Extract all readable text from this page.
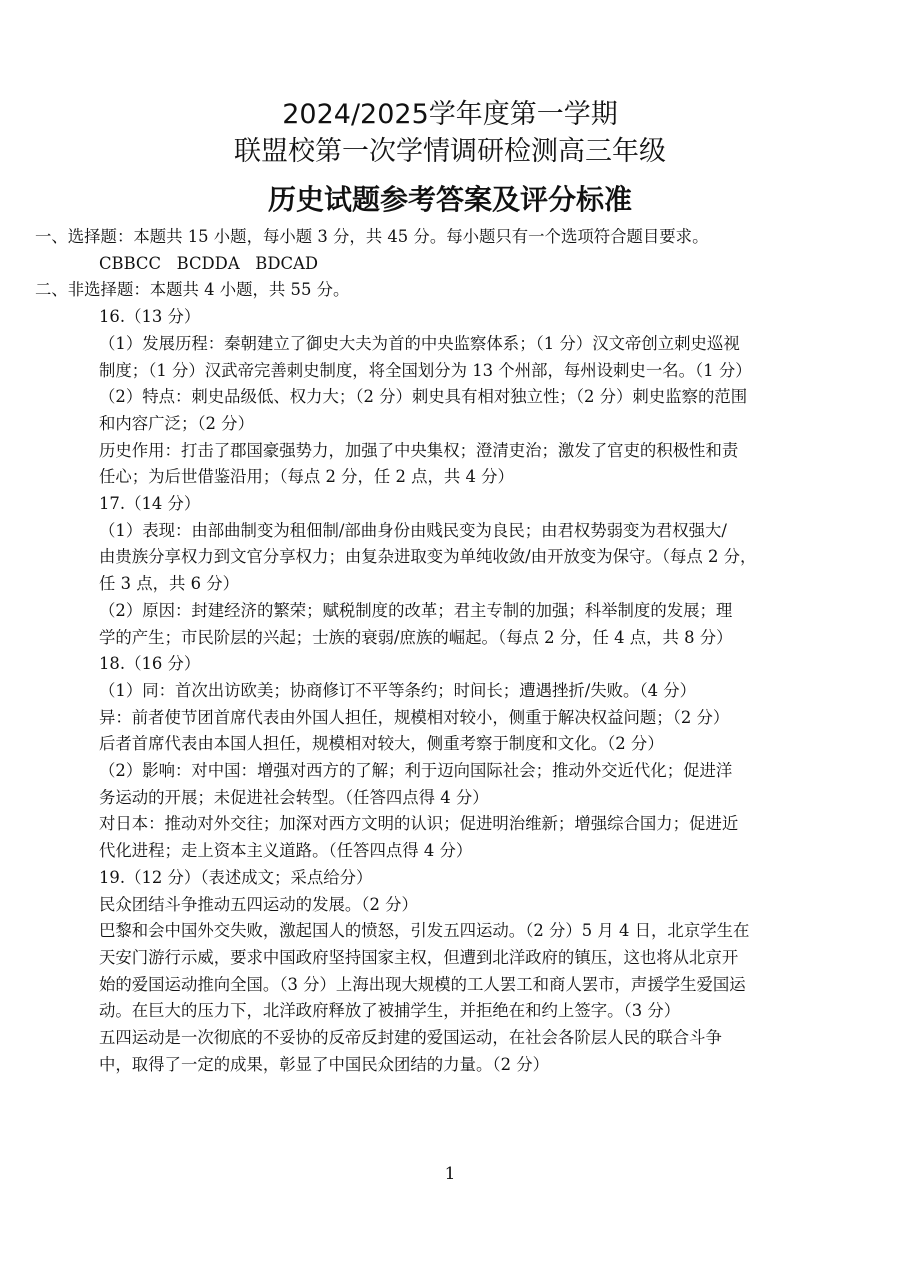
2024/2025学年度第一学期
联盟校第一次学情调研检测高三年级
历史试题参考答案及评分标准

一、选择题：本题共 15 小题，每小题 3 分，共 45 分。每小题只有一个选项符合题目要求。

CBBCC   BCDDA   BDCAD

二、非选择题：本题共 4 小题，共 55 分。

16.（13 分）

（1）发展历程：秦朝建立了御史大夫为首的中央监察体系；（1 分）汉文帝创立刺史巡视

制度；（1 分）汉武帝完善刺史制度，将全国划分为 13 个州部，每州设刺史一名。（1 分）

（2）特点：刺史品级低、权力大；（2 分）刺史具有相对独立性；（2 分）刺史监察的范围

和内容广泛；（2 分）

历史作用：打击了郡国豪强势力，加强了中央集权；澄清吏治；激发了官吏的积极性和责

任心；为后世借鉴沿用；（每点 2 分，任 2 点，共 4 分）

17.（14 分）

（1）表现：由部曲制变为租佃制/部曲身份由贱民变为良民；由君权势弱变为君权强大/

由贵族分享权力到文官分享权力；由复杂进取变为单纯收敛/由开放变为保守。（每点 2 分，

任 3 点，共 6 分）

（2）原因：封建经济的繁荣；赋税制度的改革；君主专制的加强；科举制度的发展；理

学的产生；市民阶层的兴起；士族的衰弱/庶族的崛起。（每点 2 分，任 4 点，共 8 分）

18.（16 分）

（1）同：首次出访欧美；协商修订不平等条约；时间长；遭遇挫折/失败。（4 分）

异：前者使节团首席代表由外国人担任，规模相对较小，侧重于解决权益问题；（2 分）

后者首席代表由本国人担任，规模相对较大，侧重考察于制度和文化。（2 分）

（2）影响：对中国：增强对西方的了解；利于迈向国际社会；推动外交近代化；促进洋

务运动的开展；未促进社会转型。（任答四点得 4 分）

对日本：推动对外交往；加深对西方文明的认识；促进明治维新；增强综合国力；促进近

代化进程；走上资本主义道路。（任答四点得 4 分）

19.（12 分）（表述成文；采点给分）

民众团结斗争推动五四运动的发展。（2 分）

巴黎和会中国外交失败，激起国人的愤怒，引发五四运动。（2 分）5 月 4 日，北京学生在

天安门游行示威，要求中国政府坚持国家主权，但遭到北洋政府的镇压，这也将从北京开

始的爱国运动推向全国。（3 分）上海出现大规模的工人罢工和商人罢市，声援学生爱国运

动。在巨大的压力下，北洋政府释放了被捕学生，并拒绝在和约上签字。（3 分）

五四运动是一次彻底的不妥协的反帝反封建的爱国运动，在社会各阶层人民的联合斗争

中，取得了一定的成果，彰显了中国民众团结的力量。（2 分）

1
